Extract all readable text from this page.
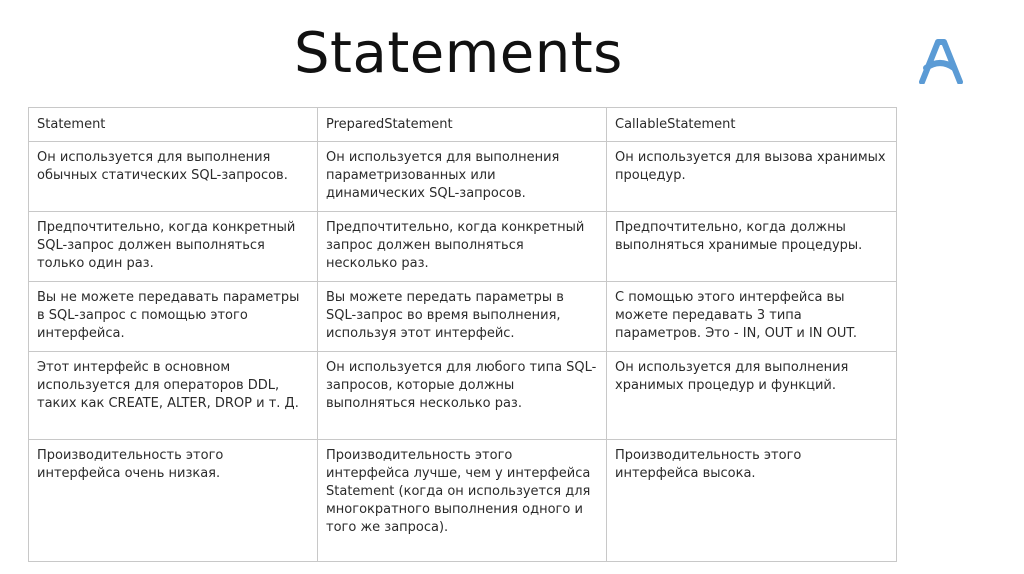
Statements
Statement	PreparedStatement	CallableStatement
Он используется для выполнения обычных статических SQL-запросов.	Он используется для выполнения параметризованных или динамических SQL-запросов.	Он используется для вызова хранимых процедур.
Предпочтительно, когда конкретный SQL-запрос должен выполняться только один раз.	Предпочтительно, когда конкретный запрос должен выполняться несколько раз.	Предпочтительно, когда должны выполняться хранимые процедуры.
Вы не можете передавать параметры в SQL-запрос с помощью этого интерфейса.	Вы можете передать параметры в SQL-запрос во время выполнения, используя этот интерфейс.	С помощью этого интерфейса вы можете передавать 3 типа параметров. Это - IN, OUT и IN OUT.
Этот интерфейс в основном используется для операторов DDL, таких как CREATE, ALTER, DROP и т. Д.	Он используется для любого типа SQL-запросов, которые должны выполняться несколько раз.	Он используется для выполнения хранимых процедур и функций.
Производительность этого интерфейса очень низкая.	Производительность этого интерфейса лучше, чем у интерфейса Statement (когда он используется для многократного выполнения одного и того же запроса).	Производительность этого интерфейса высока.
